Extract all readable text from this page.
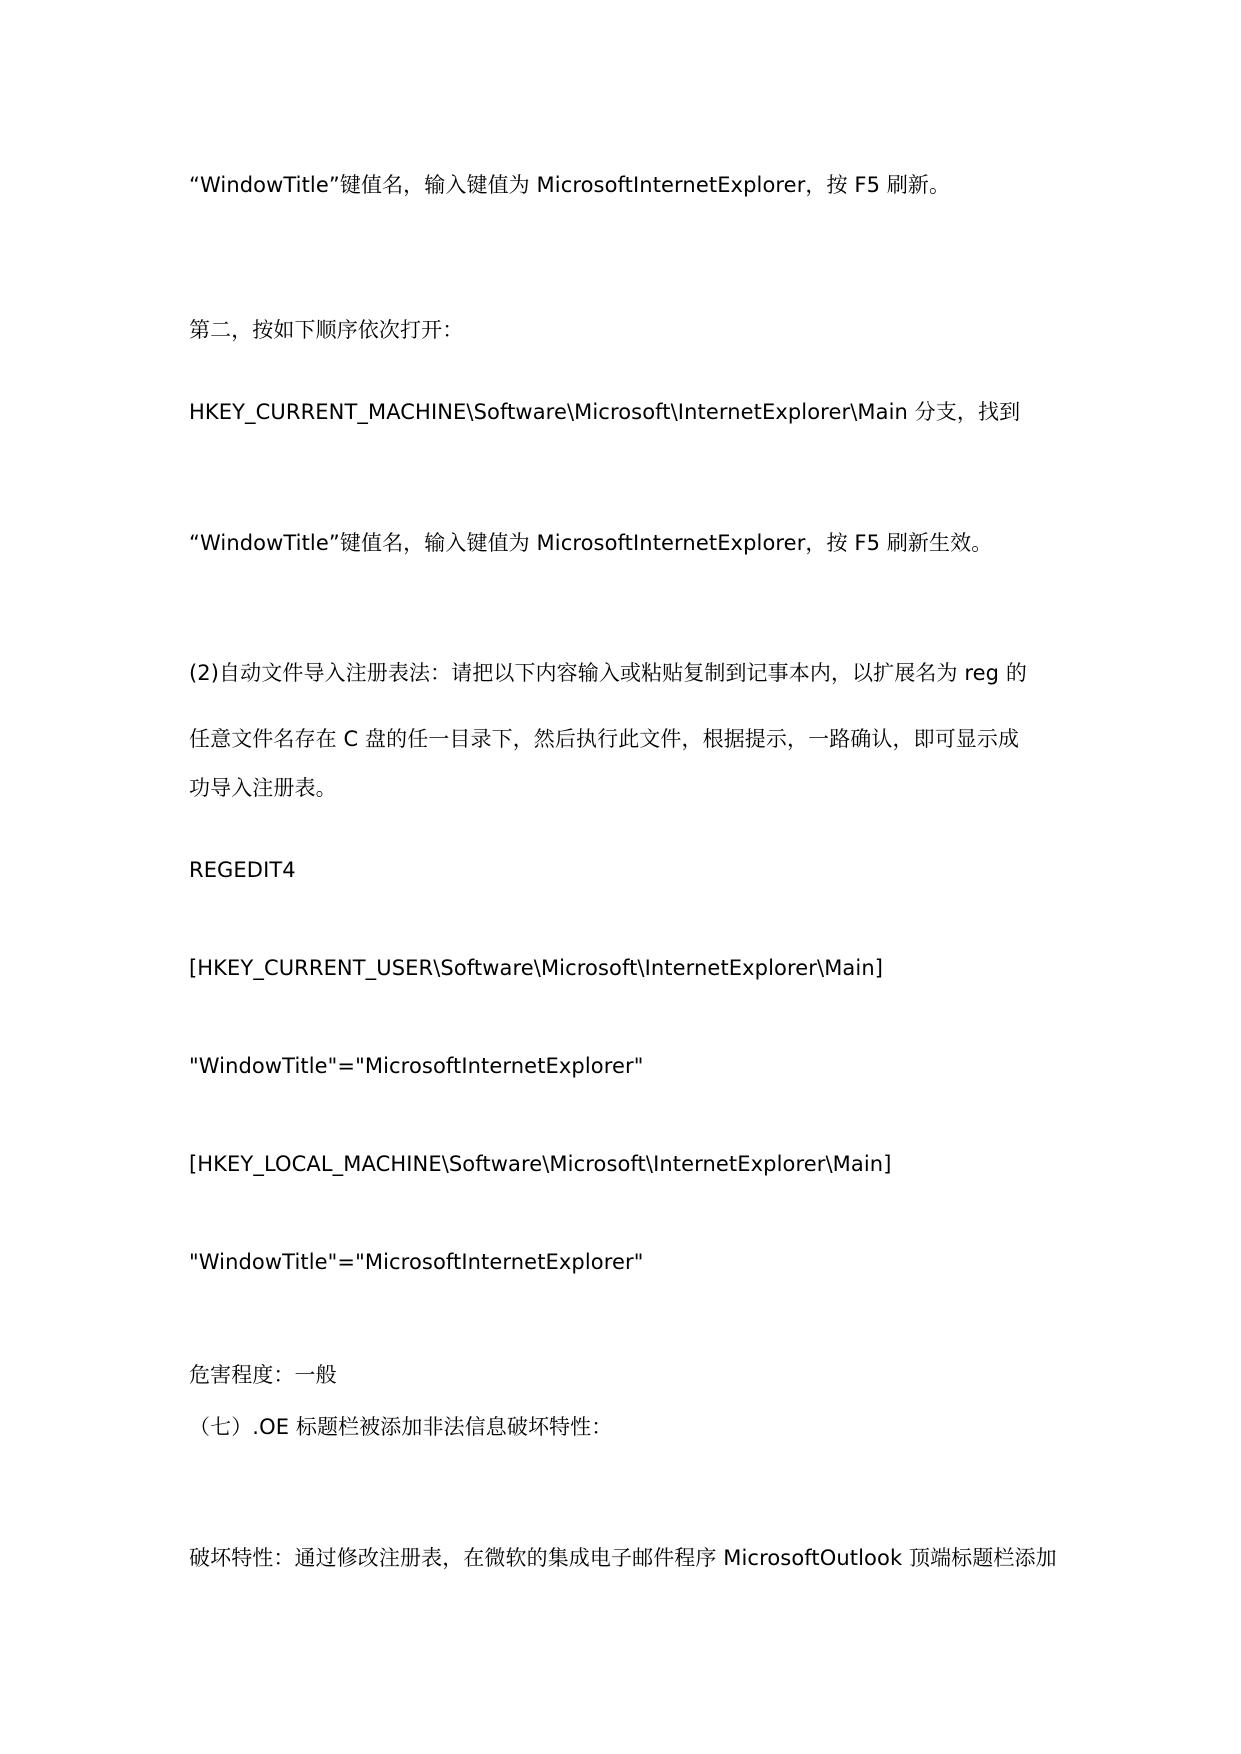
“WindowTitle”键值名，输入键值为 MicrosoftInternetExplorer，按 F5 刷新。
第二，按如下顺序依次打开：
HKEY_CURRENT_MACHINE\Software\Microsoft\InternetExplorer\Main 分支，找到
“WindowTitle”键值名，输入键值为 MicrosoftInternetExplorer，按 F5 刷新生效。
(2)自动文件导入注册表法：请把以下内容输入或粘贴复制到记事本内，以扩展名为 reg 的
任意文件名存在 C 盘的任一目录下，然后执行此文件，根据提示，一路确认，即可显示成
功导入注册表。
REGEDIT4
[HKEY_CURRENT_USER\Software\Microsoft\InternetExplorer\Main]
"WindowTitle"="MicrosoftInternetExplorer"
[HKEY_LOCAL_MACHINE\Software\Microsoft\InternetExplorer\Main]
"WindowTitle"="MicrosoftInternetExplorer"
危害程度：一般
（七）.OE 标题栏被添加非法信息破坏特性：
破坏特性：通过修改注册表，在微软的集成电子邮件程序 MicrosoftOutlook 顶端标题栏添加
